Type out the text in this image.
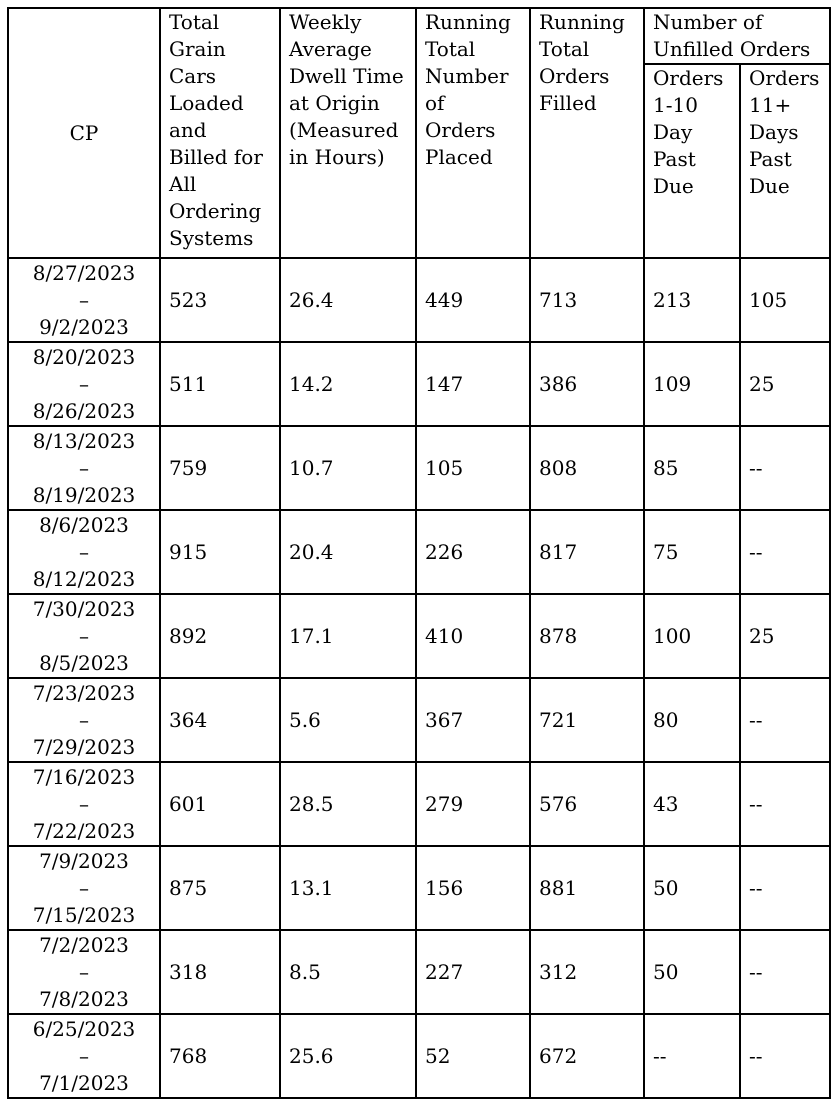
CP	Total Grain Cars Loaded and Billed for All Ordering Systems	Weekly Average Dwell Time at Origin (Measured in Hours)	Running Total Number of Orders Placed	Running Total Orders Filled	Number of Unfilled Orders	
					Orders 1-10 Day Past Due	Orders 11+ Days Past Due

8/27/2023
–
9/2/2023	523	26.4	449	713	213	105

8/20/2023
–
8/26/2023	511	14.2	147	386	109	25

8/13/2023
–
8/19/2023	759	10.7	105	808	85	--

8/6/2023
–
8/12/2023	915	20.4	226	817	75	--

7/30/2023
–
8/5/2023	892	17.1	410	878	100	25

7/23/2023
–
7/29/2023	364	5.6	367	721	80	--

7/16/2023
–
7/22/2023	601	28.5	279	576	43	--

7/9/2023
–
7/15/2023	875	13.1	156	881	50	--

7/2/2023
–
7/8/2023	318	8.5	227	312	50	--

6/25/2023
–
7/1/2023	768	25.6	52	672	--	--
